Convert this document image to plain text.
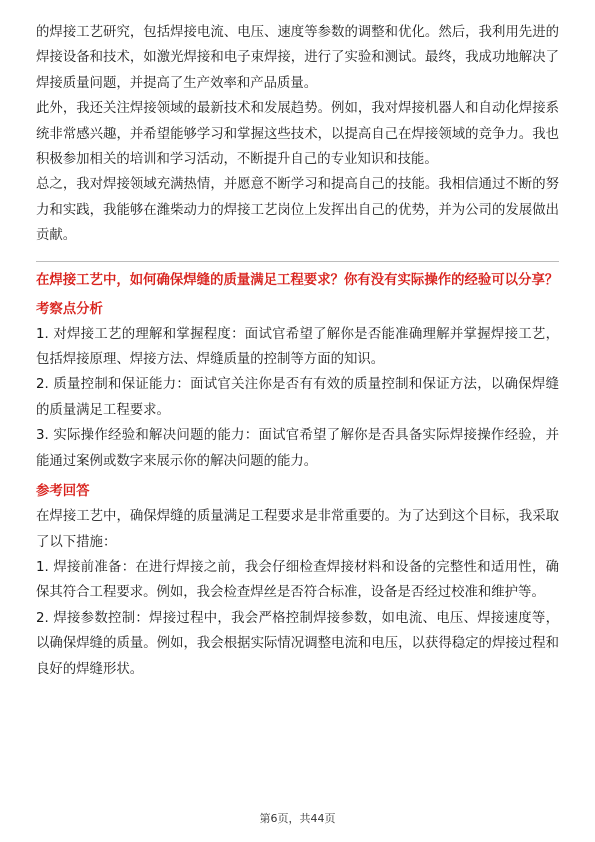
的焊接工艺研究，包括焊接电流、电压、速度等参数的调整和优化。然后，我利用先进的焊接设备和技术，如激光焊接和电子束焊接，进行了实验和测试。最终，我成功地解决了焊接质量问题，并提高了生产效率和产品质量。

此外，我还关注焊接领域的最新技术和发展趋势。例如，我对焊接机器人和自动化焊接系统非常感兴趣，并希望能够学习和掌握这些技术，以提高自己在焊接领域的竞争力。我也积极参加相关的培训和学习活动，不断提升自己的专业知识和技能。

总之，我对焊接领域充满热情，并愿意不断学习和提高自己的技能。我相信通过不断的努力和实践，我能够在潍柴动力的焊接工艺岗位上发挥出自己的优势，并为公司的发展做出贡献。

在焊接工艺中，如何确保焊缝的质量满足工程要求？你有没有实际操作的经验可以分享？

考察点分析

1. 对焊接工艺的理解和掌握程度：面试官希望了解你是否能准确理解并掌握焊接工艺，包括焊接原理、焊接方法、焊缝质量的控制等方面的知识。

2. 质量控制和保证能力：面试官关注你是否有有效的质量控制和保证方法，以确保焊缝的质量满足工程要求。

3. 实际操作经验和解决问题的能力：面试官希望了解你是否具备实际焊接操作经验，并能通过案例或数字来展示你的解决问题的能力。

参考回答

在焊接工艺中，确保焊缝的质量满足工程要求是非常重要的。为了达到这个目标，我采取了以下措施：

1. 焊接前准备：在进行焊接之前，我会仔细检查焊接材料和设备的完整性和适用性，确保其符合工程要求。例如，我会检查焊丝是否符合标准，设备是否经过校准和维护等。

2. 焊接参数控制：焊接过程中，我会严格控制焊接参数，如电流、电压、焊接速度等，以确保焊缝的质量。例如，我会根据实际情况调整电流和电压，以获得稳定的焊接过程和良好的焊缝形状。

第6页，共44页
